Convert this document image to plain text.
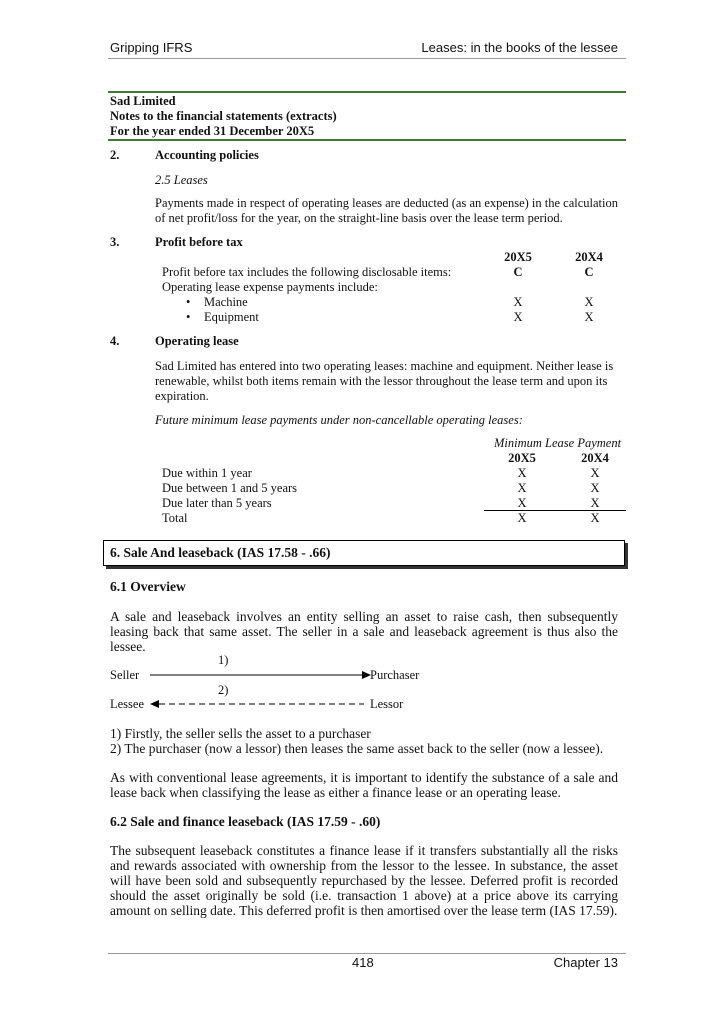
Gripping IFRS	Leases: in the books of the lessee
Sad Limited
Notes to the financial statements (extracts)
For the year ended 31 December 20X5
2.	Accounting policies
2.5 Leases
Payments made in respect of operating leases are deducted (as an expense) in the calculation
of net profit/loss for the year, on the straight-line basis over the lease term period.
3.	Profit before tax
20X5	20X4
Profit before tax includes the following disclosable items:	C	C
Operating lease expense payments include:
• Machine	X	X
• Equipment	X	X
4.	Operating lease
Sad Limited has entered into two operating leases: machine and equipment. Neither lease is
renewable, whilst both items remain with the lessor throughout the lease term and upon its
expiration.
Future minimum lease payments under non-cancellable operating leases:
Minimum Lease Payment
20X5	20X4
Due within 1 year	X	X
Due between 1 and 5 years	X	X
Due later than 5 years	X	X
Total	X	X
6. Sale And leaseback (IAS 17.58 - .66)
6.1 Overview
A sale and leaseback involves an entity selling an asset to raise cash, then subsequently
leasing back that same asset. The seller in a sale and leaseback agreement is thus also the
lessee.
1)
Seller	Purchaser
2)
Lessee	Lessor
1) Firstly, the seller sells the asset to a purchaser
2) The purchaser (now a lessor) then leases the same asset back to the seller (now a lessee).
As with conventional lease agreements, it is important to identify the substance of a sale and
lease back when classifying the lease as either a finance lease or an operating lease.
6.2 Sale and finance leaseback (IAS 17.59 - .60)
The subsequent leaseback constitutes a finance lease if it transfers substantially all the risks
and rewards associated with ownership from the lessor to the lessee. In substance, the asset
will have been sold and subsequently repurchased by the lessee. Deferred profit is recorded
should the asset originally be sold (i.e. transaction 1 above) at a price above its carrying
amount on selling date. This deferred profit is then amortised over the lease term (IAS 17.59).
418	Chapter 13
